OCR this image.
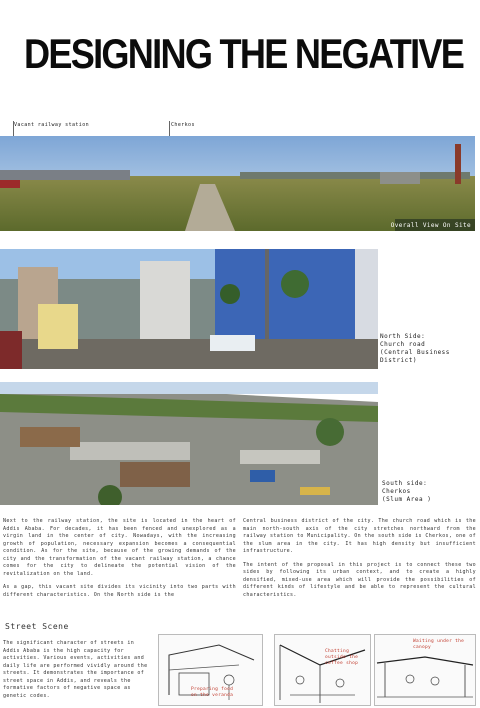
DESIGNING THE NEGATIVE
Vacant railway station	Cherkos
Overall View On Site
North Side:
Church road
(Central Business District)
South side:
Cherkos
(Slum Area )

Next to the railway station, the site is located in the heart of Addis Ababa. For decades, it has been fenced and unexplored as a virgin land in the center of city. Nowadays, with the increasing growth of population, necessary expansion becomes a consequential condition. As for the site, because of the growing demands of the city and the transformation of the vacant railway station, a chance comes for the city to delineate the potential vision of the revitalization on the land.

As a gap, this vacant site divides its vicinity into two parts with different characteristics. On the North side is the

Central business district of the city. The church road which is the main north-south axis of the city stretches northward from the railway station to Municipality. On the south side is Cherkos, one of the slum area in the city. It has high density but insufficient infrastructure.

The intent of the proposal in this project is to connect these two sides by following its urban context, and to create a highly densified, mixed-use area which will provide the possibilities of different kinds of lifestyle and be able to represent the cultural characteristics.

Street Scene
The significant character of streets in Addis Ababa is the high capacity for activities. Various events, activities and daily life are performed vividly around the streets. It demonstrates the importance of street space in Addis, and reveals the formative factors of negative space as genetic codes.
Preparing food on the veranda
Chatting outside the coffee shop
Waiting under the canopy
